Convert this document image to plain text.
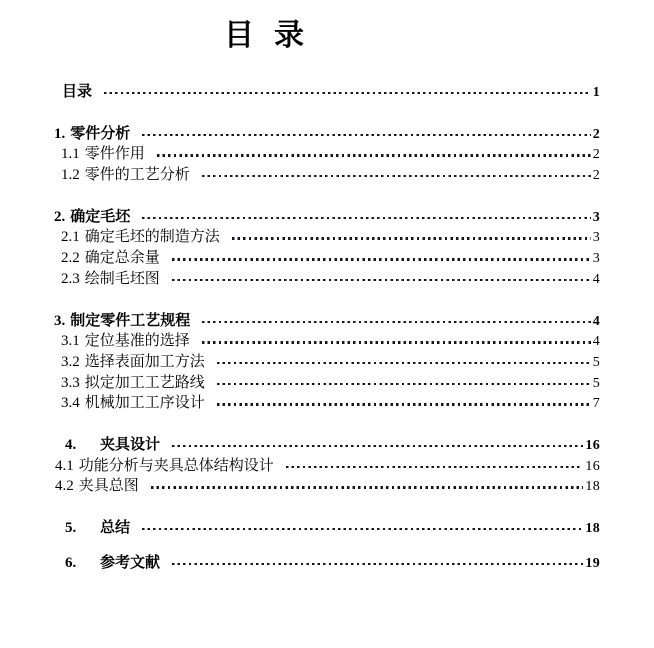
目录
目录	1
1. 零件分析	2
1.1 零件作用	2
1.2 零件的工艺分析	2
2. 确定毛坯	3
2.1 确定毛坯的制造方法	3
2.2 确定总余量	3
2.3 绘制毛坯图	4
3. 制定零件工艺规程	4
3.1 定位基准的选择	4
3.2 选择表面加工方法	5
3.3 拟定加工工艺路线	5
3.4 机械加工工序设计	7
4.	夹具设计	16
4.1 功能分析与夹具总体结构设计	16
4.2 夹具总图	18
5.	总结	18
6.	参考文献	19
